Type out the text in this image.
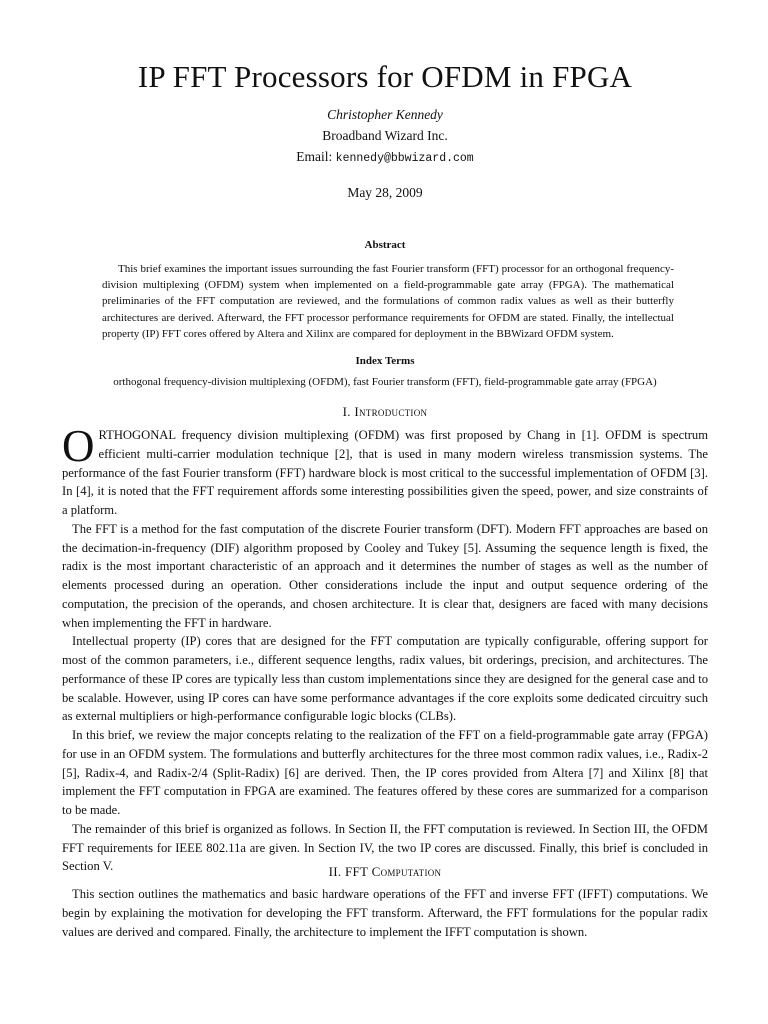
IP FFT Processors for OFDM in FPGA
Christopher Kennedy
Broadband Wizard Inc.
Email: kennedy@bbwizard.com
May 28, 2009
Abstract

This brief examines the important issues surrounding the fast Fourier transform (FFT) processor for an orthogonal frequency-division multiplexing (OFDM) system when implemented on a field-programmable gate array (FPGA). The mathematical preliminaries of the FFT computation are reviewed, and the formulations of common radix values as well as their butterfly architectures are derived. Afterward, the FFT processor performance requirements for OFDM are stated. Finally, the intellectual property (IP) FFT cores offered by Altera and Xilinx are compared for deployment in the BBWizard OFDM system.

Index Terms
orthogonal frequency-division multiplexing (OFDM), fast Fourier transform (FFT), field-programmable gate array (FPGA)
I. Introduction

ORTHOGONAL frequency division multiplexing (OFDM) was first proposed by Chang in [1]. OFDM is spectrum efficient multi-carrier modulation technique [2], that is used in many modern wireless transmission systems. The performance of the fast Fourier transform (FFT) hardware block is most critical to the successful implementation of OFDM [3]. In [4], it is noted that the FFT requirement affords some interesting possibilities given the speed, power, and size constraints of a platform.

The FFT is a method for the fast computation of the discrete Fourier transform (DFT). Modern FFT approaches are based on the decimation-in-frequency (DIF) algorithm proposed by Cooley and Tukey [5]. Assuming the sequence length is fixed, the radix is the most important characteristic of an approach and it determines the number of stages as well as the number of elements processed during an operation. Other considerations include the input and output sequence ordering of the computation, the precision of the operands, and chosen architecture. It is clear that, designers are faced with many decisions when implementing the FFT in hardware.

Intellectual property (IP) cores that are designed for the FFT computation are typically configurable, offering support for most of the common parameters, i.e., different sequence lengths, radix values, bit orderings, precision, and architectures. The performance of these IP cores are typically less than custom implementations since they are designed for the general case and to be scalable. However, using IP cores can have some performance advantages if the core exploits some dedicated circuitry such as external multipliers or high-performance configurable logic blocks (CLBs).

In this brief, we review the major concepts relating to the realization of the FFT on a field-programmable gate array (FPGA) for use in an OFDM system. The formulations and butterfly architectures for the three most common radix values, i.e., Radix-2 [5], Radix-4, and Radix-2/4 (Split-Radix) [6] are derived. Then, the IP cores provided from Altera [7] and Xilinx [8] that implement the FFT computation in FPGA are examined. The features offered by these cores are summarized for a comparison to be made.

The remainder of this brief is organized as follows. In Section II, the FFT computation is reviewed. In Section III, the OFDM FFT requirements for IEEE 802.11a are given. In Section IV, the two IP cores are discussed. Finally, this brief is concluded in Section V.	II. FFT Computation

This section outlines the mathematics and basic hardware operations of the FFT and inverse FFT (IFFT) computations. We begin by explaining the motivation for developing the FFT transform. Afterward, the FFT formulations for the popular radix values are derived and compared. Finally, the architecture to implement the IFFT computation is shown.
